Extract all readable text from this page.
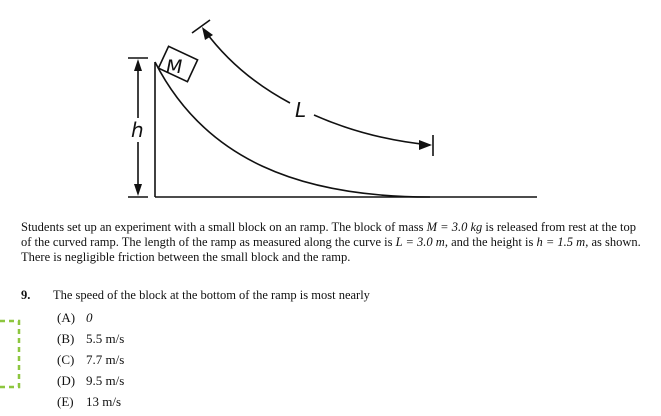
M
h
L

Students set up an experiment with a small block on an ramp. The block of mass M = 3.0 kg is released from rest at the top of the curved ramp. The length of the ramp as measured along the curve is L = 3.0 m, and the height is h = 1.5 m, as shown. There is negligible friction between the small block and the ramp.

9. The speed of the block at the bottom of the ramp is most nearly
(A) 0
(B) 5.5 m/s
(C) 7.7 m/s
(D) 9.5 m/s
(E) 13 m/s
